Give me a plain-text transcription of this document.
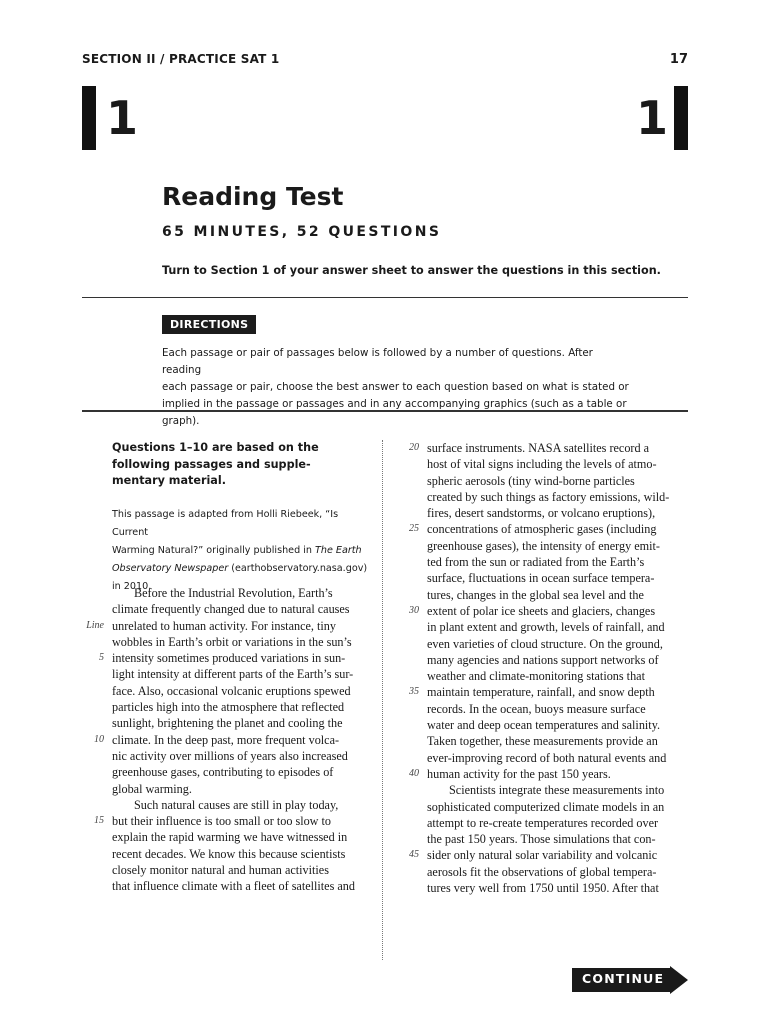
SECTION II / PRACTICE SAT 1	17
1	1
Reading Test
65 MINUTES, 52 QUESTIONS
Turn to Section 1 of your answer sheet to answer the questions in this section.
DIRECTIONS
Each passage or pair of passages below is followed by a number of questions. After reading
each passage or pair, choose the best answer to each question based on what is stated or
implied in the passage or passages and in any accompanying graphics (such as a table or graph).
Questions 1–10 are based on the
following passages and supple-
mentary material.
This passage is adapted from Holli Riebeek, “Is Current
Warming Natural?” originally published in The Earth
Observatory Newspaper (earthobservatory.nasa.gov)
in 2010.
Before the Industrial Revolution, Earth’s
climate frequently changed due to natural causes
Line unrelated to human activity. For instance, tiny
wobbles in Earth’s orbit or variations in the sun’s
5 intensity sometimes produced variations in sun-
light intensity at different parts of the Earth’s sur-
face. Also, occasional volcanic eruptions spewed
particles high into the atmosphere that reflected
sunlight, brightening the planet and cooling the
10 climate. In the deep past, more frequent volca-
nic activity over millions of years also increased
greenhouse gases, contributing to episodes of
global warming.
Such natural causes are still in play today,
15 but their influence is too small or too slow to
explain the rapid warming we have witnessed in
recent decades. We know this because scientists
closely monitor natural and human activities
that influence climate with a fleet of satellites and
20 surface instruments. NASA satellites record a
host of vital signs including the levels of atmo-
spheric aerosols (tiny wind-borne particles
created by such things as factory emissions, wild-
fires, desert sandstorms, or volcano eruptions),
25 concentrations of atmospheric gases (including
greenhouse gases), the intensity of energy emit-
ted from the sun or radiated from the Earth’s
surface, fluctuations in ocean surface tempera-
tures, changes in the global sea level and the
30 extent of polar ice sheets and glaciers, changes
in plant extent and growth, levels of rainfall, and
even varieties of cloud structure. On the ground,
many agencies and nations support networks of
weather and climate-monitoring stations that
35 maintain temperature, rainfall, and snow depth
records. In the ocean, buoys measure surface
water and deep ocean temperatures and salinity.
Taken together, these measurements provide an
ever-improving record of both natural events and
40 human activity for the past 150 years.
Scientists integrate these measurements into
sophisticated computerized climate models in an
attempt to re-create temperatures recorded over
the past 150 years. Those simulations that con-
45 sider only natural solar variability and volcanic
aerosols fit the observations of global tempera-
tures very well from 1750 until 1950. After that
CONTINUE
